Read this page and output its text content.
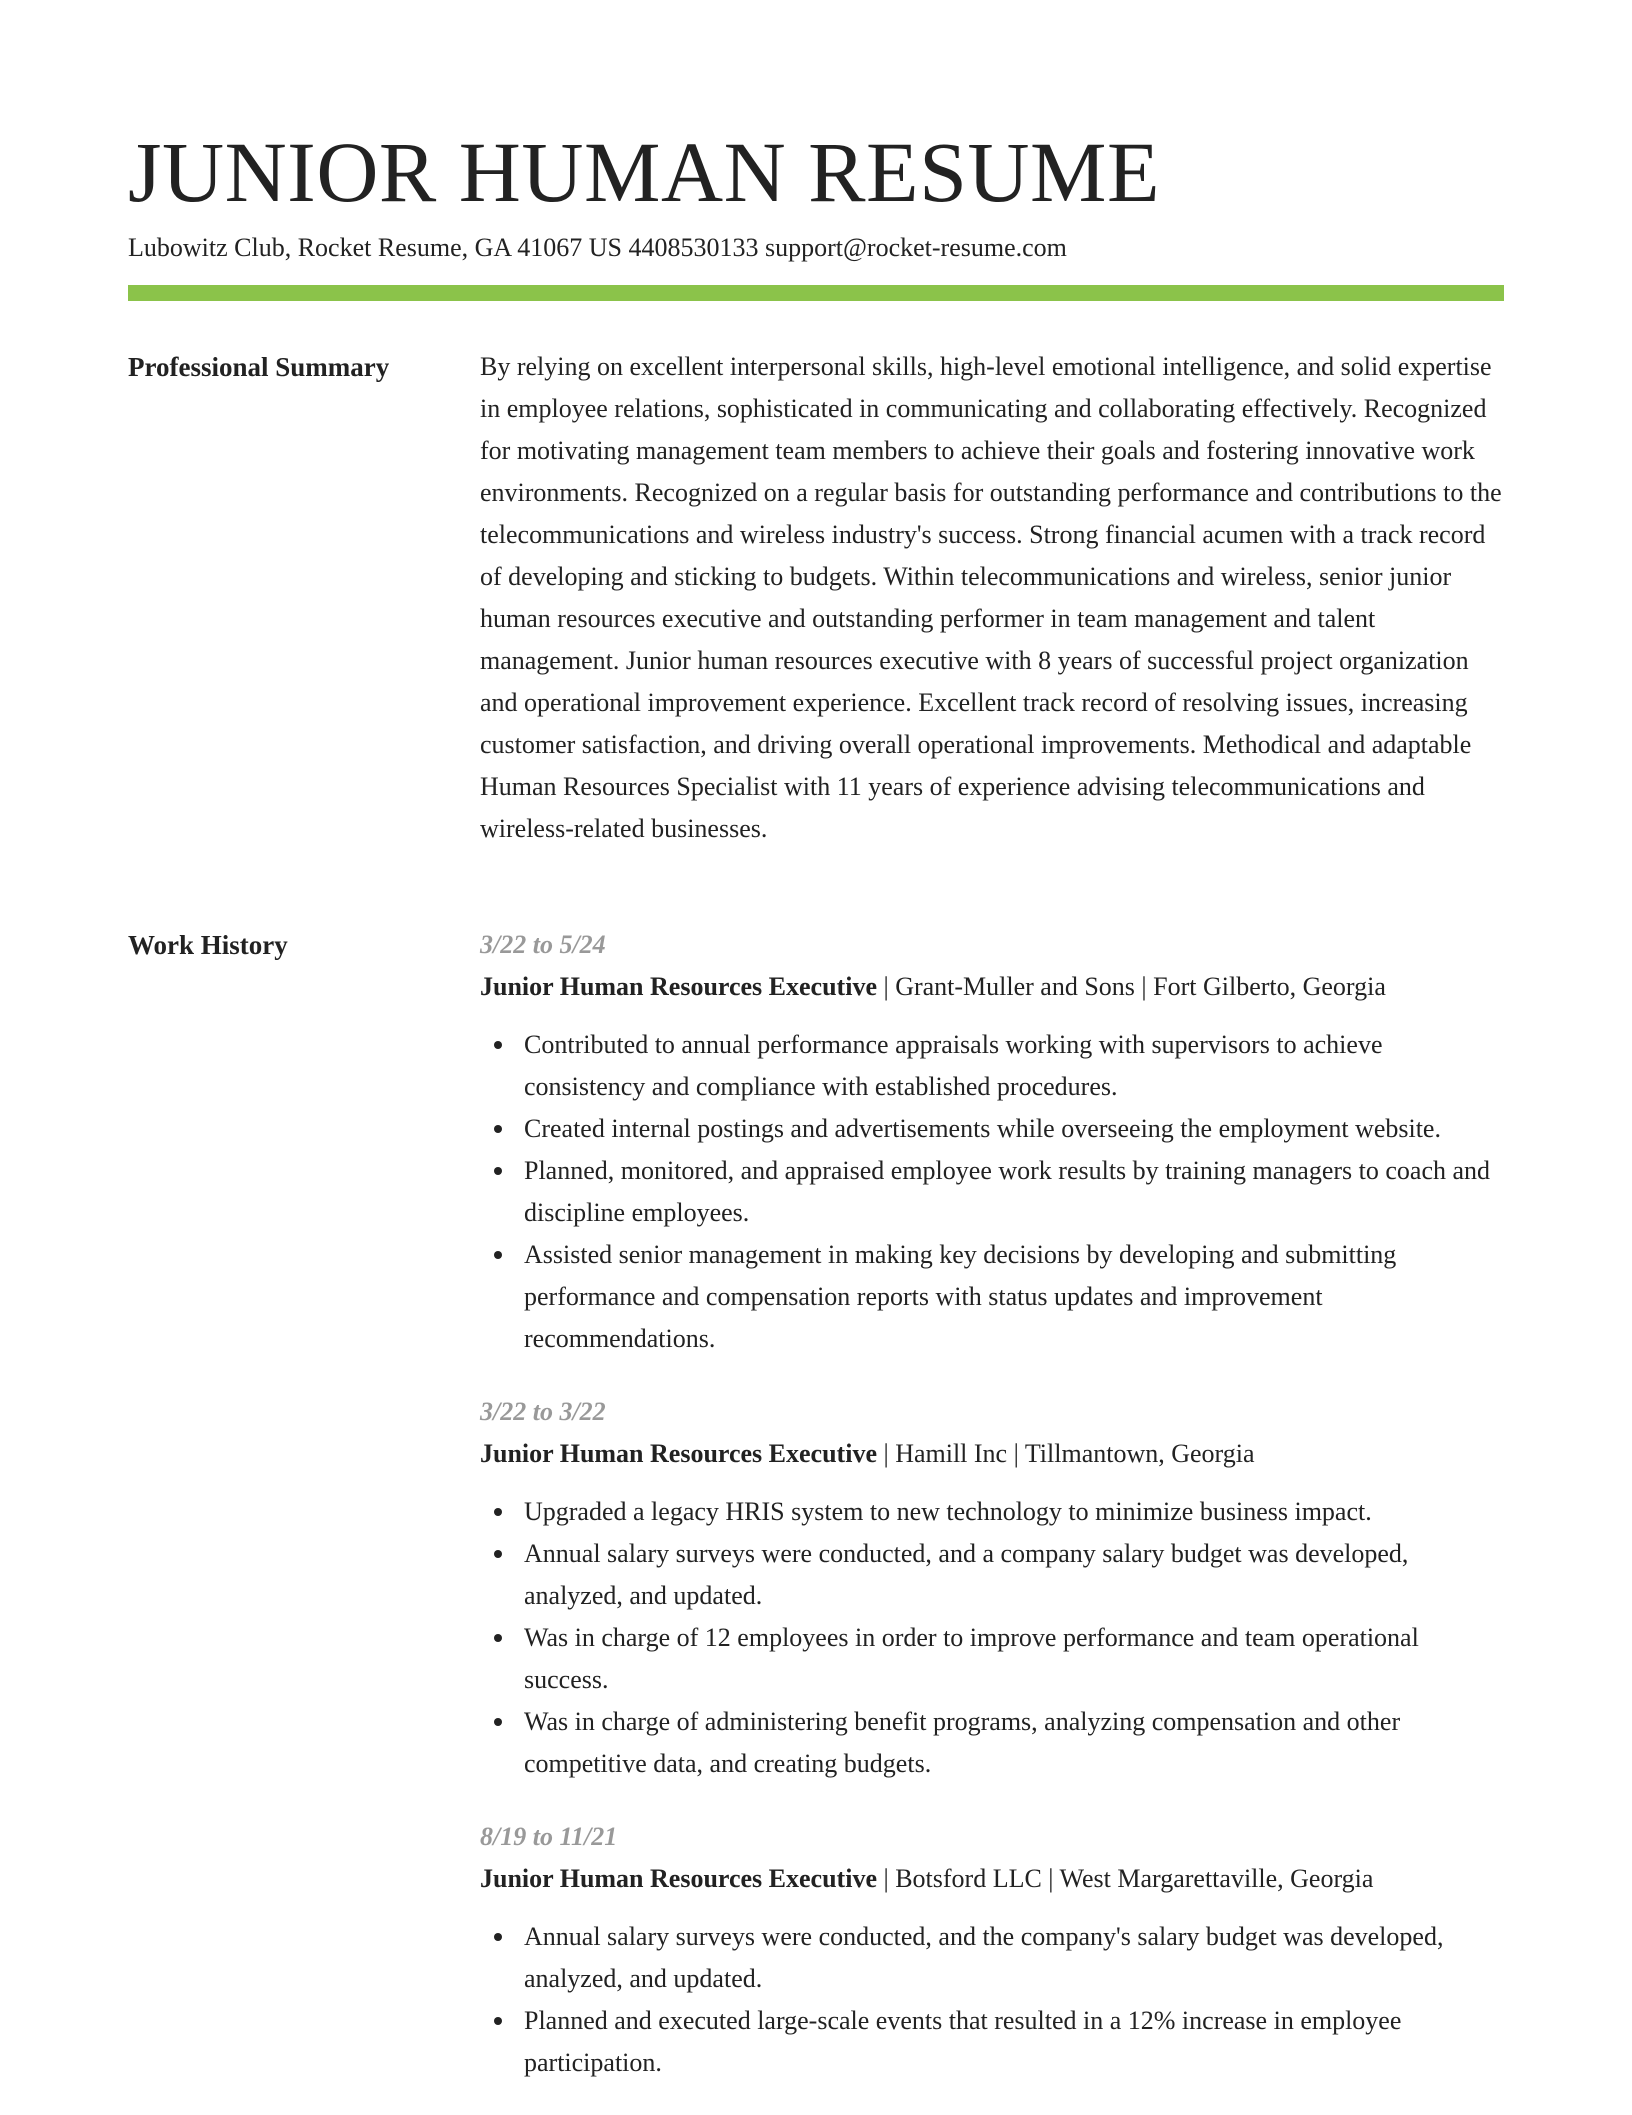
JUNIOR HUMAN RESUME
Lubowitz Club, Rocket Resume, GA 41067 US 4408530133 support@rocket-resume.com
Professional Summary	By relying on excellent interpersonal skills, high-level emotional intelligence, and solid expertise in employee relations, sophisticated in communicating and collaborating effectively. Recognized for motivating management team members to achieve their goals and fostering innovative work environments. Recognized on a regular basis for outstanding performance and contributions to the telecommunications and wireless industry's success. Strong financial acumen with a track record of developing and sticking to budgets. Within telecommunications and wireless, senior junior human resources executive and outstanding performer in team management and talent management. Junior human resources executive with 8 years of successful project organization and operational improvement experience. Excellent track record of resolving issues, increasing customer satisfaction, and driving overall operational improvements. Methodical and adaptable Human Resources Specialist with 11 years of experience advising telecommunications and wireless-related businesses.

Work History	3/22 to 5/24
Junior Human Resources Executive | Grant-Muller and Sons | Fort Gilberto, Georgia
Contributed to annual performance appraisals working with supervisors to achieve consistency and compliance with established procedures.
Created internal postings and advertisements while overseeing the employment website.
Planned, monitored, and appraised employee work results by training managers to coach and discipline employees.
Assisted senior management in making key decisions by developing and submitting performance and compensation reports with status updates and improvement recommendations.
3/22 to 3/22
Junior Human Resources Executive | Hamill Inc | Tillmantown, Georgia
Upgraded a legacy HRIS system to new technology to minimize business impact.
Annual salary surveys were conducted, and a company salary budget was developed, analyzed, and updated.
Was in charge of 12 employees in order to improve performance and team operational success.
Was in charge of administering benefit programs, analyzing compensation and other competitive data, and creating budgets.
8/19 to 11/21
Junior Human Resources Executive | Botsford LLC | West Margarettaville, Georgia
Annual salary surveys were conducted, and the company's salary budget was developed, analyzed, and updated.
Planned and executed large-scale events that resulted in a 12% increase in employee participation.
